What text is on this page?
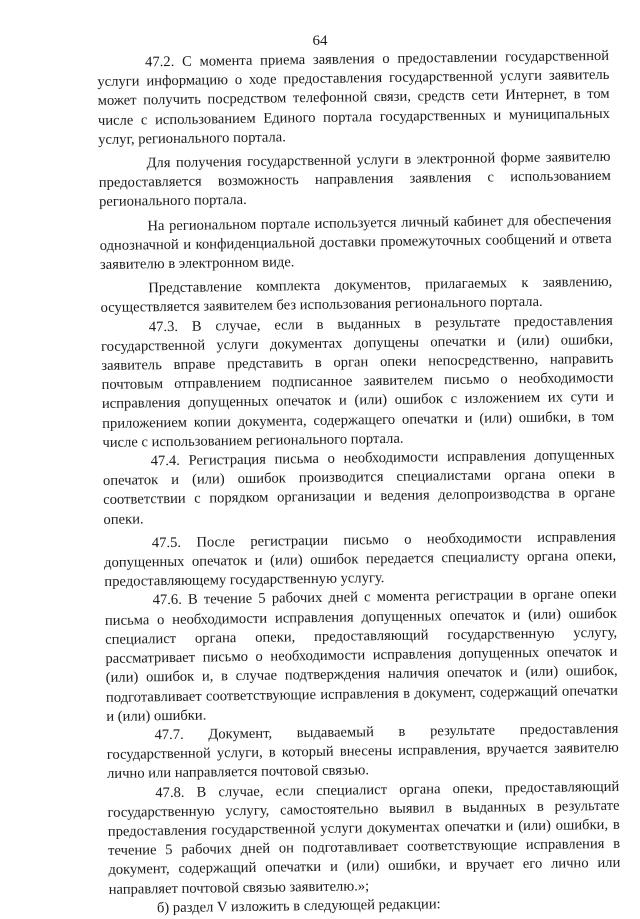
64

47.2. С момента приема заявления о предоставлении государственной услуги информацию о ходе предоставления государственной услуги заявитель может получить посредством телефонной связи, средств сети Интернет, в том числе с использованием Единого портала государственных и муниципальных услуг, регионального портала.

Для получения государственной услуги в электронной форме заявителю предоставляется возможность направления заявления с использованием регионального портала.

На региональном портале используется личный кабинет для обеспечения однозначной и конфиденциальной доставки промежуточных сообщений и ответа заявителю в электронном виде.

Представление комплекта документов, прилагаемых к заявлению, осуществляется заявителем без использования регионального портала.

47.3. В случае, если в выданных в результате предоставления государственной услуги документах допущены опечатки и (или) ошибки, заявитель вправе представить в орган опеки непосредственно, направить почтовым отправлением подписанное заявителем письмо о необходимости исправления допущенных опечаток и (или) ошибок с изложением их сути и приложением копии документа, содержащего опечатки и (или) ошибки, в том числе с использованием регионального портала.

47.4. Регистрация письма о необходимости исправления допущенных опечаток и (или) ошибок производится специалистами органа опеки в соответствии с порядком организации и ведения делопроизводства в органе опеки.

47.5. После регистрации письмо о необходимости исправления допущенных опечаток и (или) ошибок передается специалисту органа опеки, предоставляющему государственную услугу.

47.6. В течение 5 рабочих дней с момента регистрации в органе опеки письма о необходимости исправления допущенных опечаток и (или) ошибок специалист органа опеки, предоставляющий государственную услугу, рассматривает письмо о необходимости исправления допущенных опечаток и (или) ошибок и, в случае подтверждения наличия опечаток и (или) ошибок, подготавливает соответствующие исправления в документ, содержащий опечатки и (или) ошибки.

47.7. Документ, выдаваемый в результате предоставления государственной услуги, в который внесены исправления, вручается заявителю лично или направляется почтовой связью.

47.8. В случае, если специалист органа опеки, предоставляющий государственную услугу, самостоятельно выявил в выданных в результате предоставления государственной услуги документах опечатки и (или) ошибки, в течение 5 рабочих дней он подготавливает соответствующие исправления в документ, содержащий опечатки и (или) ошибки, и вручает его лично или направляет почтовой связью заявителю.»;

б) раздел V изложить в следующей редакции:
